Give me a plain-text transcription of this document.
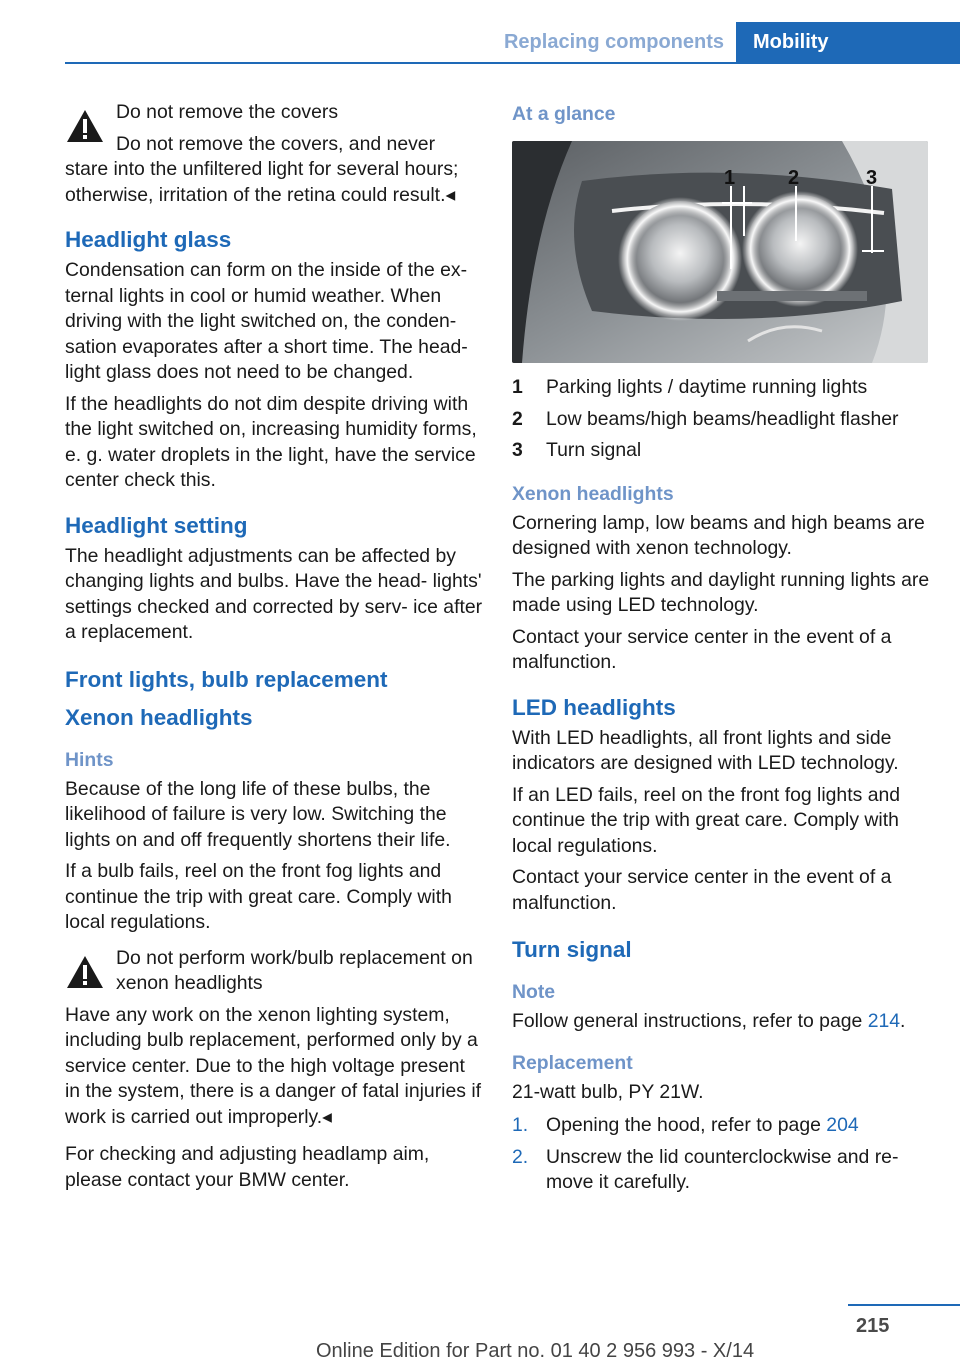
Replacing components	Mobility
Do not remove the covers
Do not remove the covers, and never
stare into the unfiltered light for several hours; otherwise, irritation of the retina could result.◂
Headlight glass

Condensation can form on the inside of the ex‐ ternal lights in cool or humid weather. When driving with the light switched on, the conden‐ sation evaporates after a short time. The head‐ light glass does not need to be changed.

If the headlights do not dim despite driving with the light switched on, increasing humidity forms, e. g. water droplets in the light, have the service center check this.

Headlight setting

The headlight adjustments can be affected by changing lights and bulbs. Have the head‐ lights' settings checked and corrected by serv‐ ice after a replacement.

Front lights, bulb replacement
Xenon headlights
Hints

Because of the long life of these bulbs, the likelihood of failure is very low. Switching the lights on and off frequently shortens their life.

If a bulb fails, reel on the front fog lights and continue the trip with great care. Comply with local regulations.

Do not perform work/bulb replacement on xenon headlights
Have any work on the xenon lighting system, including bulb replacement, performed only by a service center. Due to the high voltage present in the system, there is a danger of fatal injuries if work is carried out improperly.◂

For checking and adjusting headlamp aim, please contact your BMW center.

At a glance
1	2	3
1	Parking lights / daytime running lights
2	Low beams/high beams/headlight flasher
3	Turn signal
Xenon headlights

Cornering lamp, low beams and high beams are designed with xenon technology.

The parking lights and daylight running lights are made using LED technology.

Contact your service center in the event of a malfunction.

LED headlights

With LED headlights, all front lights and side indicators are designed with LED technology.

If an LED fails, reel on the front fog lights and continue the trip with great care. Comply with local regulations.

Contact your service center in the event of a malfunction.

Turn signal
Note

Follow general instructions, refer to page 214.

Replacement

21-watt bulb, PY 21W.

1. Opening the hood, refer to page 204
2. Unscrew the lid counterclockwise and re‐ move it carefully.
215
Online Edition for Part no. 01 40 2 956 993 - X/14
